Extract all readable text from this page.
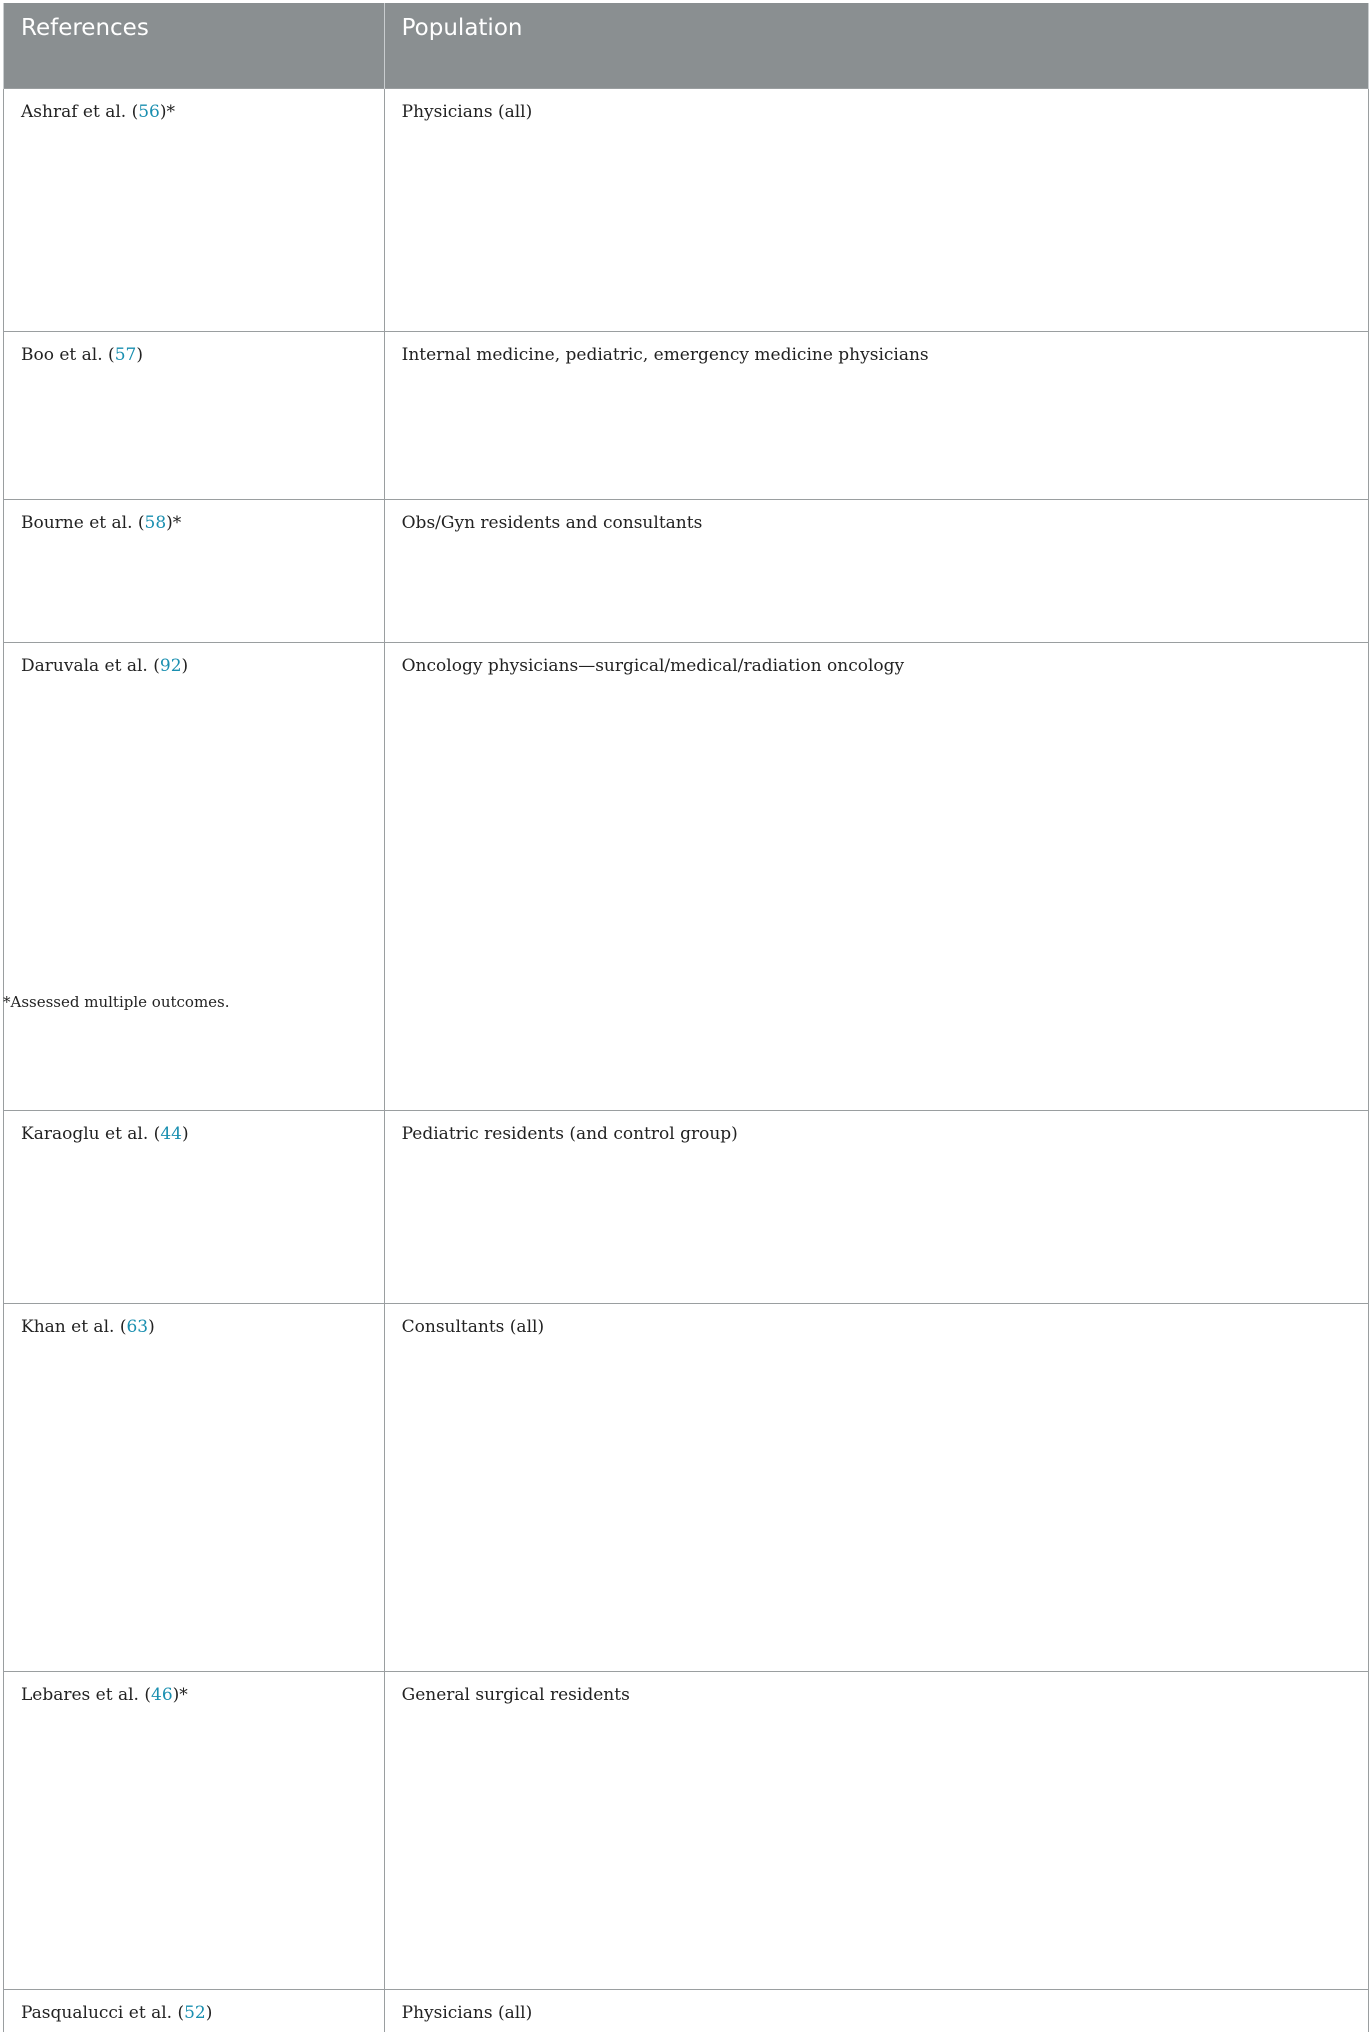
References	Population			
Ashraf et al. (56)*	Physicians (all)			
Boo et al. (57)	Internal medicine, pediatric, emergency medicine physicians			
Bourne et al. (58)*	Obs/Gyn residents and consultants			
Daruvala et al. (92)	Oncology physicians—surgical/medical/radiation oncology			
Karaoglu et al. (44)	Pediatric residents (and control group)			
Khan et al. (63)	Consultants (all)			
Lebares et al. (46)*	General surgical residents			
Pasqualucci et al. (52)	Physicians (all)			

*Assessed multiple outcomes.
